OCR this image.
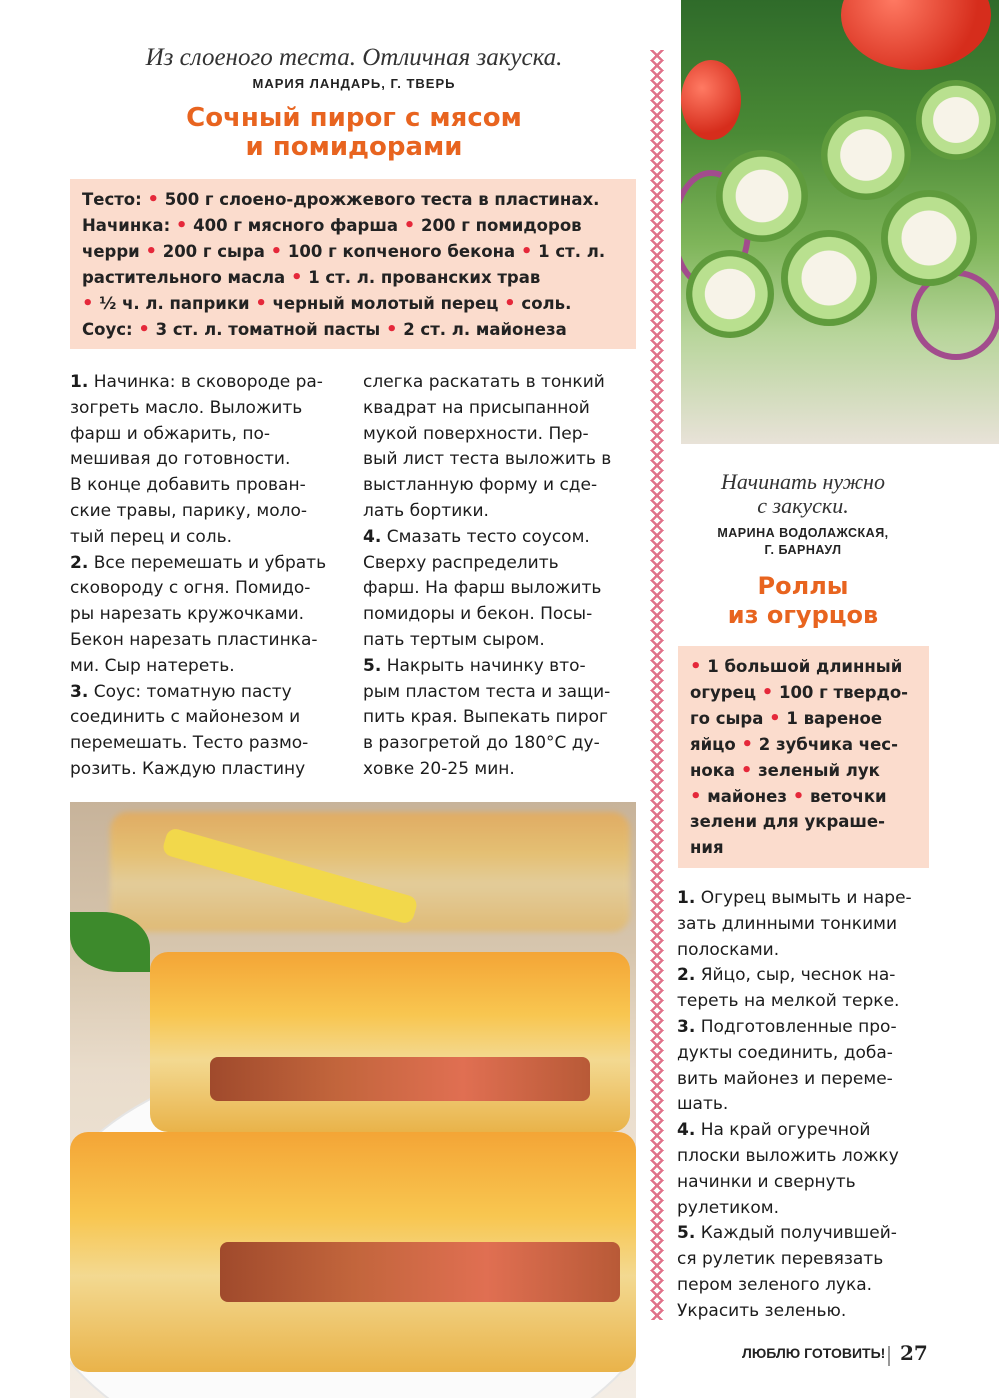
Из слоеного теста. Отличная закуска.
МАРИЯ ЛАНДАРЬ, Г. ТВЕРЬ
Сочный пирог с мясом
и помидорами
Тесто: • 500 г слоено-дрожжевого теста в пластинах.
Начинка: • 400 г мясного фарша • 200 г помидоров
черри • 200 г сыра • 100 г копченого бекона • 1 ст. л.
растительного масла • 1 ст. л. прованских трав
• ½ ч. л. паприки • черный молотый перец • соль.
Соус: • 3 ст. л. томатной пасты • 2 ст. л. майонеза
1. Начинка: в сковороде ра-
зогреть масло. Выложить
фарш и обжарить, по-
мешивая до готовности.
В конце добавить прован-
ские травы, парику, моло-
тый перец и соль.
2. Все перемешать и убрать
сковороду с огня. Помидо-
ры нарезать кружочками.
Бекон нарезать пластинка-
ми. Сыр натереть.
3. Соус: томатную пасту
соединить с майонезом и
перемешать. Тесто размо-
розить. Каждую пластину
слегка раскатать в тонкий
квадрат на присыпанной
мукой поверхности. Пер-
вый лист теста выложить в
выстланную форму и сде-
лать бортики.
4. Смазать тесто соусом.
Сверху распределить
фарш. На фарш выложить
помидоры и бекон. Посы-
пать тертым сыром.
5. Накрыть начинку вто-
рым пластом теста и защи-
пить края. Выпекать пирог
в разогретой до 180°С ду-
ховке 20-25 мин.
Начинать нужно
с закуски.
МАРИНА ВОДОЛАЖСКАЯ,
Г. БАРНАУЛ
Роллы
из огурцов
• 1 большой длинный
огурец • 100 г твердо-
го сыра • 1 вареное
яйцо • 2 зубчика чес-
нока • зеленый лук
• майонез • веточки
зелени для украше-
ния
1. Огурец вымыть и наре-
зать длинными тонкими
полосками.
2. Яйцо, сыр, чеснок на-
тереть на мелкой терке.
3. Подготовленные про-
дукты соединить, доба-
вить майонез и переме-
шать.
4. На край огуречной
плоски выложить ложку
начинки и свернуть
рулетиком.
5. Каждый получившей-
ся рулетик перевязать
пером зеленого лука.
Украсить зеленью.
ЛЮБЛЮ ГОТОВИТЬ! 27
